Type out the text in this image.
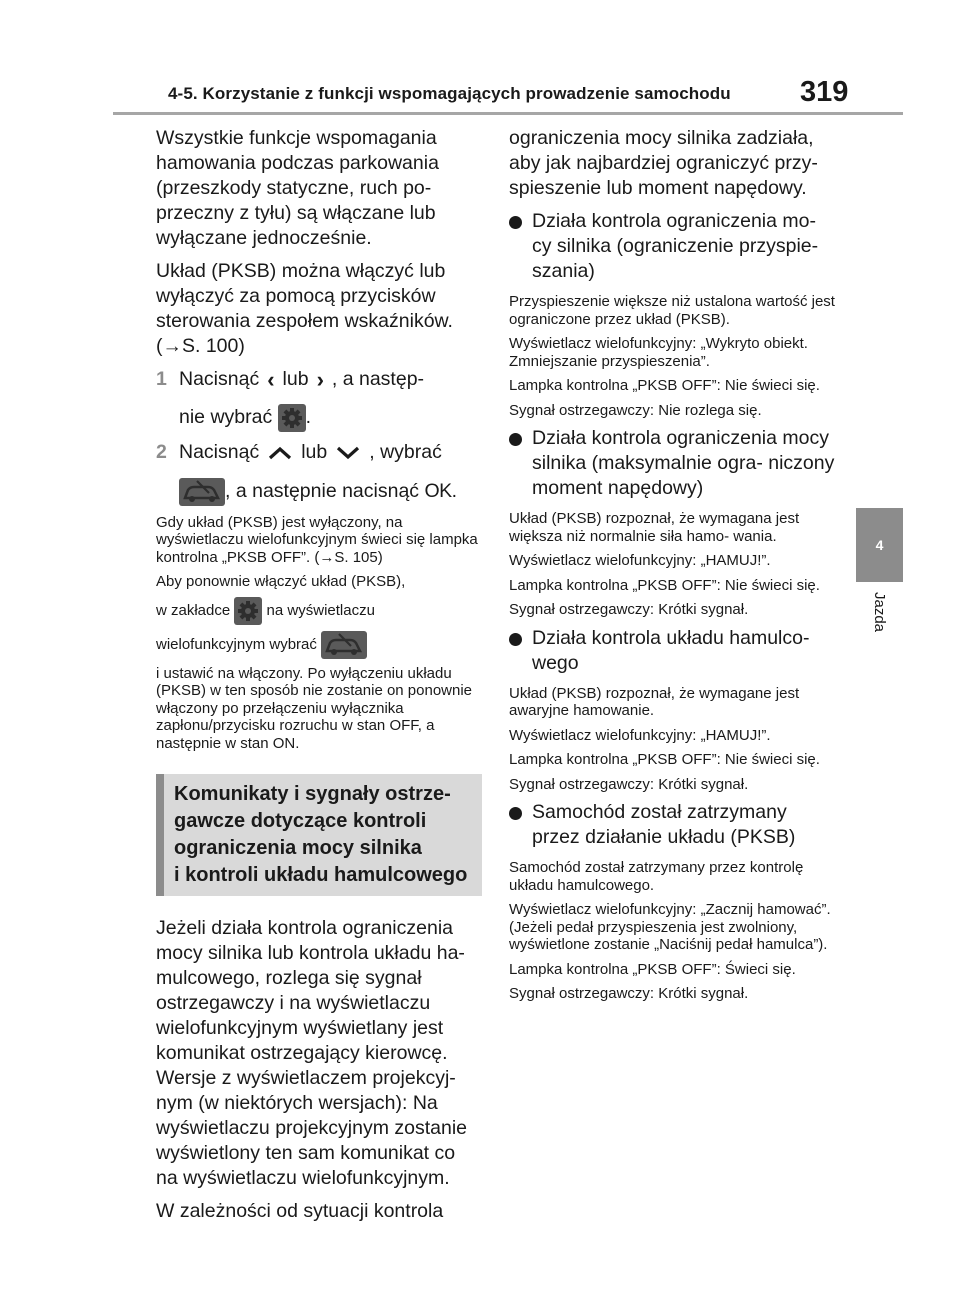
4-5. Korzystanie z funkcji wspomagających prowadzenie samochodu 319
4
Jazda
Wszystkie funkcje wspomagania hamowania podczas parkowania (przeszkody statyczne, ruch po- przeczny z tyłu) są włączane lub wyłączane jednocześnie.
Układ (PKSB) można włączyć lub wyłączyć za pomocą przycisków sterowania zespołem wskaźników. (→S. 100)
1 Nacisnąć ‹ lub › , a następ-
nie wybrać .
2 Nacisnąć lub , wybrać
, a następnie nacisnąć OK.
Gdy układ (PKSB) jest wyłączony, na wyświetlaczu wielofunkcyjnym świeci się lampka kontrolna „PKSB OFF”. (→S. 105)
Aby ponownie włączyć układ (PKSB),
w zakładce na wyświetlaczu
wielofunkcyjnym wybrać
i ustawić na włączony. Po wyłączeniu układu (PKSB) w ten sposób nie zostanie on ponownie włączony po przełączeniu wyłącznika zapłonu/przycisku rozruchu w stan OFF, a następnie w stan ON.
Komunikaty i sygnały ostrze-
gawcze dotyczące kontroli
ograniczenia mocy silnika
i kontroli układu hamulcowego
Jeżeli działa kontrola ograniczenia mocy silnika lub kontrola układu ha- mulcowego, rozlega się sygnał ostrzegawczy i na wyświetlaczu wielofunkcyjnym wyświetlany jest komunikat ostrzegający kierowcę. Wersje z wyświetlaczem projekcyj- nym (w niektórych wersjach): Na wyświetlaczu projekcyjnym zostanie wyświetlony ten sam komunikat co na wyświetlaczu wielofunkcyjnym.
W zależności od sytuacji kontrola
ograniczenia mocy silnika zadziała, aby jak najbardziej ograniczyć przy- spieszenie lub moment napędowy.
Działa kontrola ograniczenia mo- cy silnika (ograniczenie przyspie- szania)
Przyspieszenie większe niż ustalona wartość jest ograniczone przez układ (PKSB).
Wyświetlacz wielofunkcyjny: „Wykryto obiekt. Zmniejszanie przyspieszenia”.
Lampka kontrolna „PKSB OFF”: Nie świeci się.
Sygnał ostrzegawczy: Nie rozlega się.
Działa kontrola ograniczenia mocy silnika (maksymalnie ogra- niczony moment napędowy)
Układ (PKSB) rozpoznał, że wymagana jest większa niż normalnie siła hamo- wania.
Wyświetlacz wielofunkcyjny: „HAMUJ!”.
Lampka kontrolna „PKSB OFF”: Nie świeci się.
Sygnał ostrzegawczy: Krótki sygnał.
Działa kontrola układu hamulco- wego
Układ (PKSB) rozpoznał, że wymagane jest awaryjne hamowanie.
Wyświetlacz wielofunkcyjny: „HAMUJ!”.
Lampka kontrolna „PKSB OFF”: Nie świeci się.
Sygnał ostrzegawczy: Krótki sygnał.
Samochód został zatrzymany przez działanie układu (PKSB)
Samochód został zatrzymany przez kontrolę układu hamulcowego.
Wyświetlacz wielofunkcyjny: „Zacznij hamować”. (Jeżeli pedał przyspieszenia jest zwolniony, wyświetlone zostanie „Naciśnij pedał hamulca”).
Lampka kontrolna „PKSB OFF”: Świeci się.
Sygnał ostrzegawczy: Krótki sygnał.
